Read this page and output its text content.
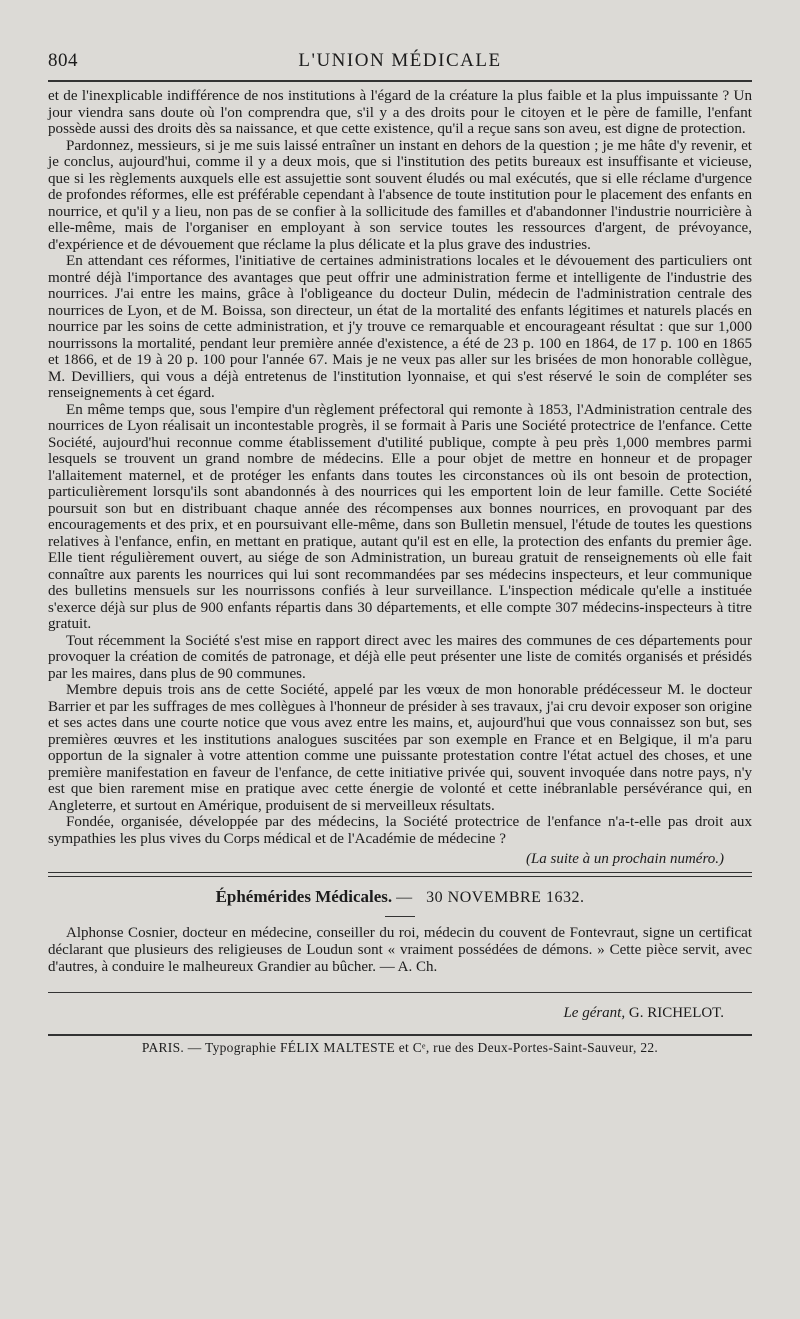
804	L'UNION MÉDICALE

et de l'inexplicable indifférence de nos institutions à l'égard de la créature la plus faible et la plus impuissante ? Un jour viendra sans doute où l'on comprendra que, s'il y a des droits pour le citoyen et le père de famille, l'enfant possède aussi des droits dès sa naissance, et que cette existence, qu'il a reçue sans son aveu, est digne de protection.

Pardonnez, messieurs, si je me suis laissé entraîner un instant en dehors de la question ; je me hâte d'y revenir, et je conclus, aujourd'hui, comme il y a deux mois, que si l'institution des petits bureaux est insuffisante et vicieuse, que si les règlements auxquels elle est assujettie sont souvent éludés ou mal exécutés, que si elle réclame d'urgence de profondes réformes, elle est préférable cependant à l'absence de toute institution pour le placement des enfants en nourrice, et qu'il y a lieu, non pas de se confier à la sollicitude des familles et d'abandonner l'industrie nourricière à elle-même, mais de l'organiser en employant à son service toutes les ressources d'argent, de prévoyance, d'expérience et de dévouement que réclame la plus délicate et la plus grave des industries.

En attendant ces réformes, l'initiative de certaines administrations locales et le dévouement des particuliers ont montré déjà l'importance des avantages que peut offrir une administration ferme et intelligente de l'industrie des nourrices. J'ai entre les mains, grâce à l'obligeance du docteur Dulin, médecin de l'administration centrale des nourrices de Lyon, et de M. Boissa, son directeur, un état de la mortalité des enfants légitimes et naturels placés en nourrice par les soins de cette administration, et j'y trouve ce remarquable et encourageant résultat : que sur 1,000 nourrissons la mortalité, pendant leur première année d'existence, a été de 23 p. 100 en 1864, de 17 p. 100 en 1865 et 1866, et de 19 à 20 p. 100 pour l'année 67. Mais je ne veux pas aller sur les brisées de mon honorable collègue, M. Devilliers, qui vous a déjà entretenus de l'institution lyonnaise, et qui s'est réservé le soin de compléter ses renseignements à cet égard.

En même temps que, sous l'empire d'un règlement préfectoral qui remonte à 1853, l'Administration centrale des nourrices de Lyon réalisait un incontestable progrès, il se formait à Paris une Société protectrice de l'enfance. Cette Société, aujourd'hui reconnue comme établissement d'utilité publique, compte à peu près 1,000 membres parmi lesquels se trouvent un grand nombre de médecins. Elle a pour objet de mettre en honneur et de propager l'allaitement maternel, et de protéger les enfants dans toutes les circonstances où ils ont besoin de protection, particulièrement lorsqu'ils sont abandonnés à des nourrices qui les emportent loin de leur famille. Cette Société poursuit son but en distribuant chaque année des récompenses aux bonnes nourrices, en provoquant par des encouragements et des prix, et en poursuivant elle-même, dans son Bulletin mensuel, l'étude de toutes les questions relatives à l'enfance, enfin, en mettant en pratique, autant qu'il est en elle, la protection des enfants du premier âge. Elle tient régulièrement ouvert, au siége de son Administration, un bureau gratuit de renseignements où elle fait connaître aux parents les nourrices qui lui sont recommandées par ses médecins inspecteurs, et leur communique des bulletins mensuels sur les nourrissons confiés à leur surveillance. L'inspection médicale qu'elle a instituée s'exerce déjà sur plus de 900 enfants répartis dans 30 départements, et elle compte 307 médecins-inspecteurs à titre gratuit.

Tout récemment la Société s'est mise en rapport direct avec les maires des communes de ces départements pour provoquer la création de comités de patronage, et déjà elle peut présenter une liste de comités organisés et présidés par les maires, dans plus de 90 communes.

Membre depuis trois ans de cette Société, appelé par les vœux de mon honorable prédécesseur M. le docteur Barrier et par les suffrages de mes collègues à l'honneur de présider à ses travaux, j'ai cru devoir exposer son origine et ses actes dans une courte notice que vous avez entre les mains, et, aujourd'hui que vous connaissez son but, ses premières œuvres et les institutions analogues suscitées par son exemple en France et en Belgique, il m'a paru opportun de la signaler à votre attention comme une puissante protestation contre l'état actuel des choses, et une première manifestation en faveur de l'enfance, de cette initiative privée qui, souvent invoquée dans notre pays, n'y est que bien rarement mise en pratique avec cette énergie de volonté et cette inébranlable persévérance qui, en Angleterre, et surtout en Amérique, produisent de si merveilleux résultats.

Fondée, organisée, développée par des médecins, la Société protectrice de l'enfance n'a-t-elle pas droit aux sympathies les plus vives du Corps médical et de l'Académie de médecine ?

(La suite à un prochain numéro.)
Éphémérides Médicales. — 30 NOVEMBRE 1632.

Alphonse Cosnier, docteur en médecine, conseiller du roi, médecin du couvent de Fontevraut, signe un certificat déclarant que plusieurs des religieuses de Loudun sont « vraiment possédées de démons. » Cette pièce servit, avec d'autres, à conduire le malheureux Grandier au bûcher. — A. Ch.

Le gérant, G. RICHELOT.
PARIS. — Typographie FÉLIX MALTESTE et Cᵉ, rue des Deux-Portes-Saint-Sauveur, 22.
